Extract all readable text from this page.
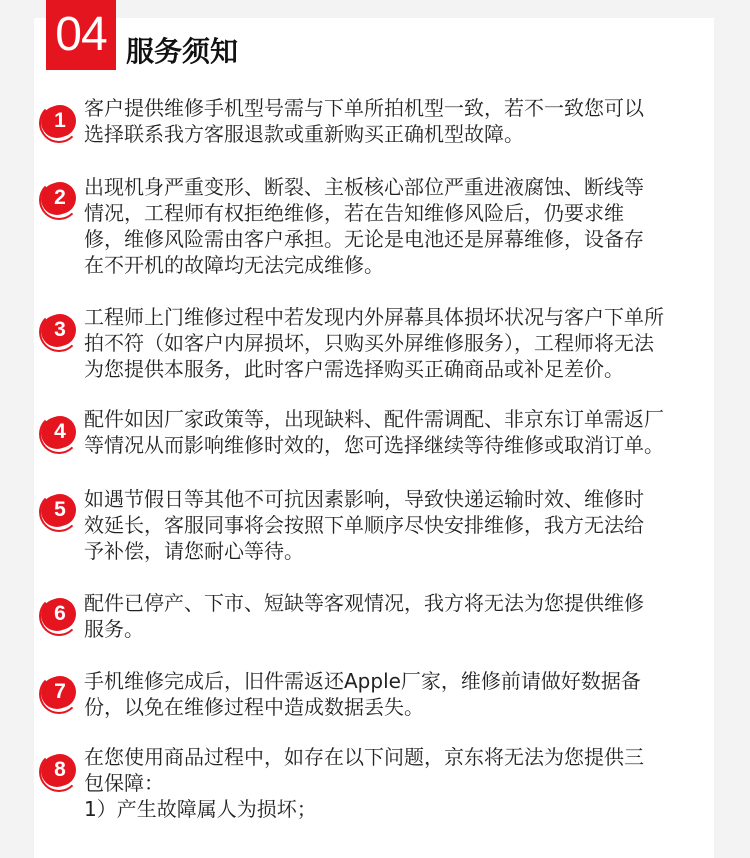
04 服务须知
1
客户提供维修手机型号需与下单所拍机型一致，若不一致您可以
选择联系我方客服退款或重新购买正确机型故障。
2 出现机身严重变形、断裂、主板核心部位严重进液腐蚀、断线等
情况，工程师有权拒绝维修，若在告知维修风险后，仍要求维
修，维修风险需由客户承担。无论是电池还是屏幕维修，设备存
在不开机的故障均无法完成维修。
3
工程师上门维修过程中若发现内外屏幕具体损坏状况与客户下单所
拍不符（如客户内屏损坏，只购买外屏维修服务），工程师将无法
为您提供本服务，此时客户需选择购买正确商品或补足差价。
4
配件如因厂家政策等，出现缺料、配件需调配、非京东订单需返厂
等情况从而影响维修时效的，您可选择继续等待维修或取消订单。
5 如遇节假日等其他不可抗因素影响，导致快递运输时效、维修时
效延长，客服同事将会按照下单顺序尽快安排维修，我方无法给
予补偿，请您耐心等待。
6 配件已停产、下市、短缺等客观情况，我方将无法为您提供维修
服务。
7 手机维修完成后，旧件需返还Apple厂家，维修前请做好数据备
份，以免在维修过程中造成数据丢失。
8
在您使用商品过程中，如存在以下问题，京东将无法为您提供三
包保障：
1）产生故障属人为损坏；
